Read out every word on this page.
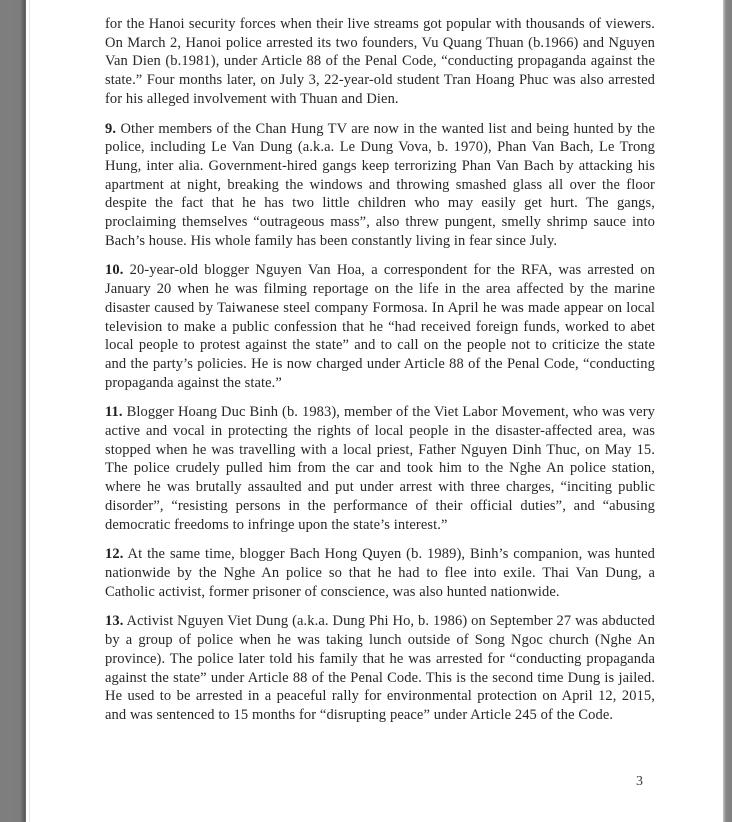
for the Hanoi security forces when their live streams got popular with thousands of viewers. On March 2, Hanoi police arrested its two founders, Vu Quang Thuan (b.1966) and Nguyen Van Dien (b.1981), under Article 88 of the Penal Code, “conducting propaganda against the state.” Four months later, on July 3, 22-year-old student Tran Hoang Phuc was also arrested for his alleged involvement with Thuan and Dien.

9. Other members of the Chan Hung TV are now in the wanted list and being hunted by the police, including Le Van Dung (a.k.a. Le Dung Vova, b. 1970), Phan Van Bach, Le Trong Hung, inter alia. Government-hired gangs keep terrorizing Phan Van Bach by attacking his apartment at night, breaking the windows and throwing smashed glass all over the floor despite the fact that he has two little children who may easily get hurt. The gangs, proclaiming themselves “outrageous mass”, also threw pungent, smelly shrimp sauce into Bach’s house. His whole family has been constantly living in fear since July.

10. 20-year-old blogger Nguyen Van Hoa, a correspondent for the RFA, was arrested on January 20 when he was filming reportage on the life in the area affected by the marine disaster caused by Taiwanese steel company Formosa. In April he was made appear on local television to make a public confession that he “had received foreign funds, worked to abet local people to protest against the state” and to call on the people not to criticize the state and the party’s policies. He is now charged under Article 88 of the Penal Code, “conducting propaganda against the state.”

11. Blogger Hoang Duc Binh (b. 1983), member of the Viet Labor Movement, who was very active and vocal in protecting the rights of local people in the disaster-affected area, was stopped when he was travelling with a local priest, Father Nguyen Dinh Thuc, on May 15. The police crudely pulled him from the car and took him to the Nghe An police station, where he was brutally assaulted and put under arrest with three charges, “inciting public disorder”, “resisting persons in the performance of their official duties”, and “abusing democratic freedoms to infringe upon the state’s interest.”

12. At the same time, blogger Bach Hong Quyen (b. 1989), Binh’s companion, was hunted nationwide by the Nghe An police so that he had to flee into exile. Thai Van Dung, a Catholic activist, former prisoner of conscience, was also hunted nationwide.

13. Activist Nguyen Viet Dung (a.k.a. Dung Phi Ho, b. 1986) on September 27 was abducted by a group of police when he was taking lunch outside of Song Ngoc church (Nghe An province). The police later told his family that he was arrested for “conducting propaganda against the state” under Article 88 of the Penal Code. This is the second time Dung is jailed. He used to be arrested in a peaceful rally for environmental protection on April 12, 2015, and was sentenced to 15 months for “disrupting peace” under Article 245 of the Code.

3
